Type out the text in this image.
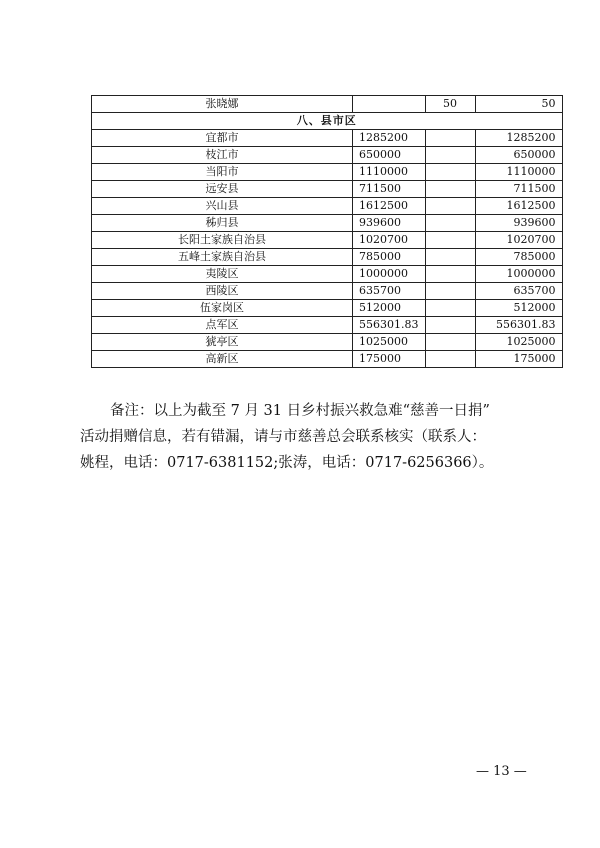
张晓娜		50	50
八、县市区			
宜都市	1285200		1285200
枝江市	650000		650000
当阳市	1110000		1110000
远安县	711500		711500
兴山县	1612500		1612500
秭归县	939600		939600
长阳土家族自治县	1020700		1020700
五峰土家族自治县	785000		785000
夷陵区	1000000		1000000
西陵区	635700		635700
伍家岗区	512000		512000
点军区	556301.83		556301.83
猇亭区	1025000		1025000
高新区	175000		175000

备注：以上为截至 7 月 31 日乡村振兴救急难“慈善一日捐”

活动捐赠信息，若有错漏，请与市慈善总会联系核实（联系人：

姚程，电话：0717-6381152;张涛，电话：0717-6256366）。

— 13 —
